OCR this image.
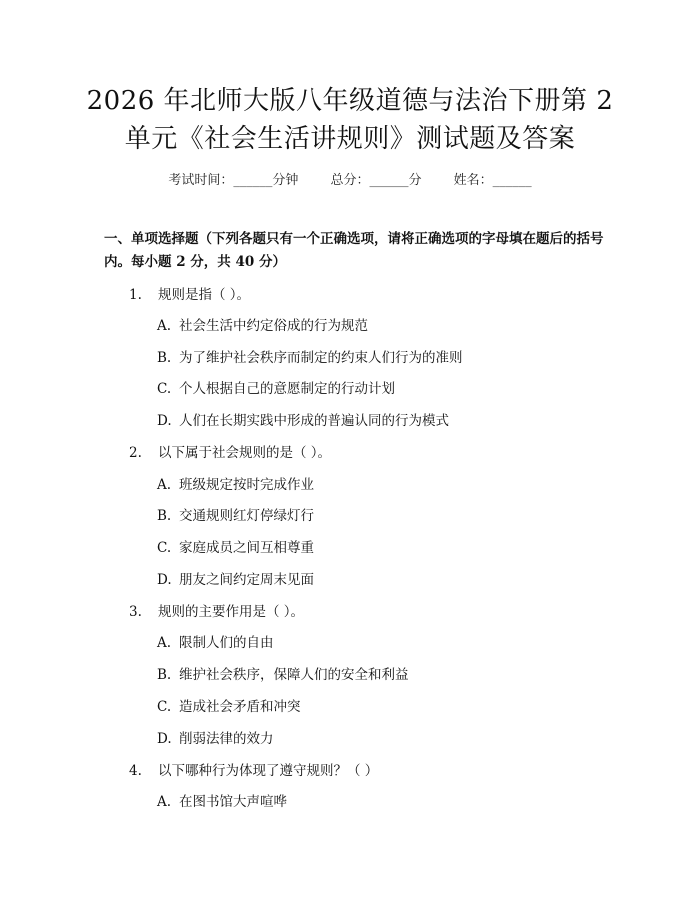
2026 年北师大版八年级道德与法治下册第 2
单元《社会生活讲规则》测试题及答案
考试时间：______分钟 总分：______分 姓名：______
一、单项选择题（下列各题只有一个正确选项，请将正确选项的字母填在题后的括号内。每小题 2 分，共 40 分）
1. 规则是指（ ）。
A. 社会生活中约定俗成的行为规范
B. 为了维护社会秩序而制定的约束人们行为的准则
C. 个人根据自己的意愿制定的行动计划
D. 人们在长期实践中形成的普遍认同的行为模式
2. 以下属于社会规则的是（ ）。
A. 班级规定按时完成作业
B. 交通规则红灯停绿灯行
C. 家庭成员之间互相尊重
D. 朋友之间约定周末见面
3. 规则的主要作用是（ ）。
A. 限制人们的自由
B. 维护社会秩序，保障人们的安全和利益
C. 造成社会矛盾和冲突
D. 削弱法律的效力
4. 以下哪种行为体现了遵守规则？（ ）
A. 在图书馆大声喧哗
